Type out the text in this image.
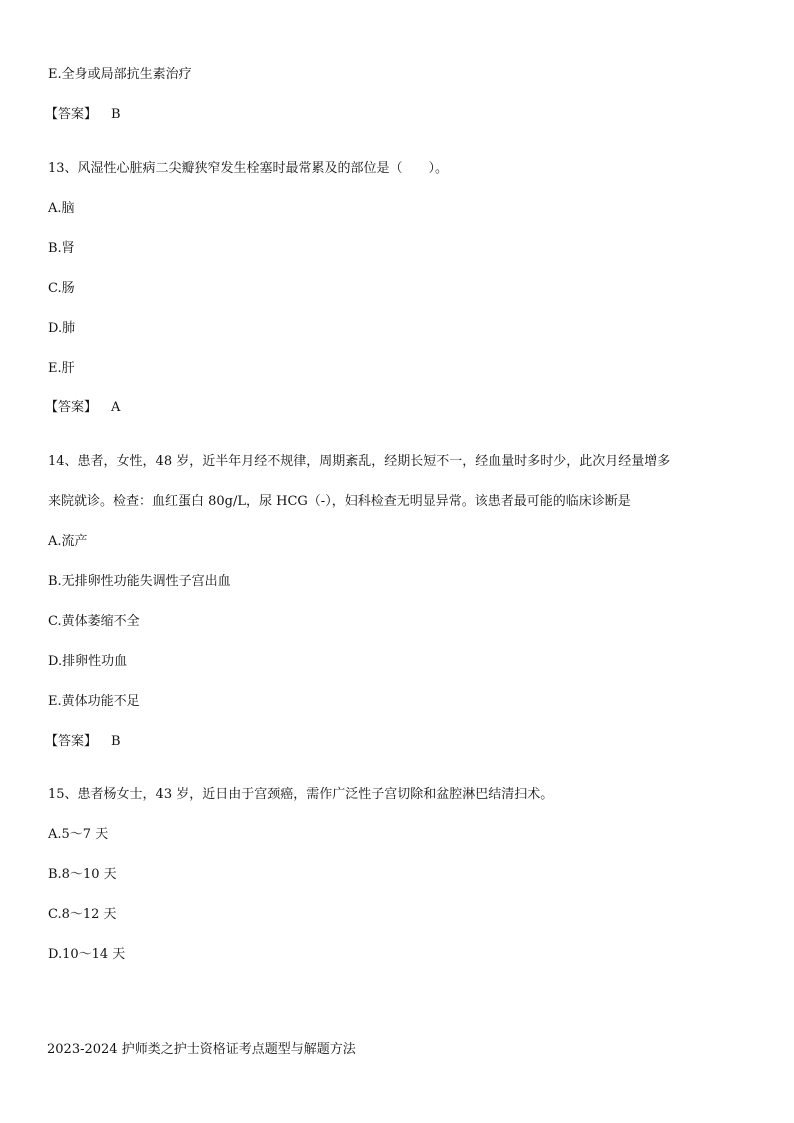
E.全身或局部抗生素治疗
【答案】 B
13、风湿性心脏病二尖瓣狭窄发生栓塞时最常累及的部位是（　　）。
A.脑
B.肾
C.肠
D.肺
E.肝
【答案】 A
14、患者，女性，48 岁，近半年月经不规律，周期紊乱，经期长短不一，经血量时多时少，此次月经量增多
来院就诊。检查：血红蛋白 80g/L，尿 HCG（-），妇科检查无明显异常。该患者最可能的临床诊断是
A.流产
B.无排卵性功能失调性子宫出血
C.黄体萎缩不全
D.排卵性功血
E.黄体功能不足
【答案】 B
15、患者杨女士，43 岁，近日由于宫颈癌，需作广泛性子宫切除和盆腔淋巴结清扫术。
A.5～7 天
B.8～10 天
C.8～12 天
D.10～14 天
2023-2024 护师类之护士资格证考点题型与解题方法
